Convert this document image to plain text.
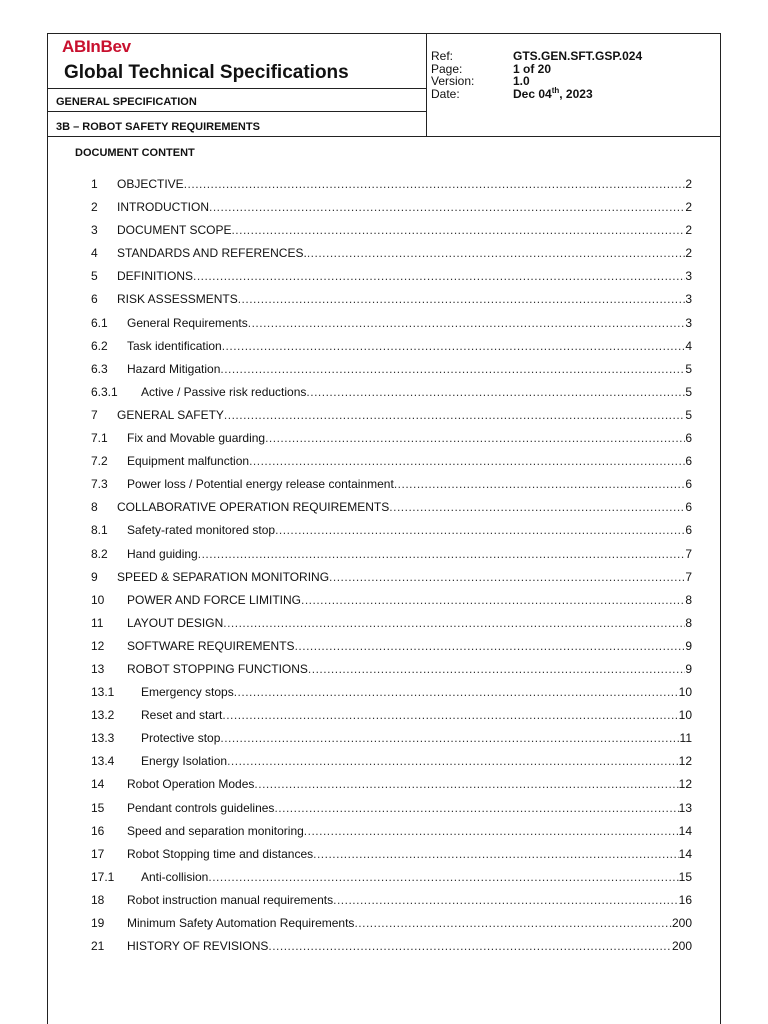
ABInBev
Global Technical Specifications
GENERAL SPECIFICATION
3B – ROBOT SAFETY REQUIREMENTS
Ref:	GTS.GEN.SFT.GSP.024
Page:	1 of 20
Version:	1.0
Date:	Dec 04th, 2023
DOCUMENT CONTENT
1	OBJECTIVE .....	2
2	INTRODUCTION .....	2
3	DOCUMENT SCOPE .....	2
4	STANDARDS AND REFERENCES. .....	2
5	DEFINITIONS .....	3
6	RISK ASSESSMENTS .....	3
6.1	General Requirements .....	3
6.2	Task identification .....	4
6.3	Hazard Mitigation .....	5
6.3.1	Active / Passive risk reductions .....	5
7	GENERAL SAFETY .....	5
7.1	Fix and Movable guarding .....	6
7.2	Equipment malfunction .....	6
7.3	Power loss / Potential energy release containment .....	6
8	COLLABORATIVE OPERATION REQUIREMENTS .....	6
8.1	Safety-rated monitored stop .....	6
8.2	Hand guiding .....	7
9	SPEED & SEPARATION MONITORING .....	7
10	POWER AND FORCE LIMITING .....	8
11	LAYOUT DESIGN .....	8
12	SOFTWARE REQUIREMENTS .....	9
13	ROBOT STOPPING FUNCTIONS .....	9
13.1	Emergency stops .....	10
13.2	Reset and start .....	10
13.3	Protective stop .....	11
13.4	Energy Isolation .....	12
14	Robot Operation Modes .....	12
15	Pendant controls guidelines .....	13
16	Speed and separation monitoring .....	14
17	Robot Stopping time and distances .....	14
17.1	Anti-collision .....	15
18	Robot instruction manual requirements .....	16
19	Minimum Safety Automation Requirements .....	200
21	HISTORY OF REVISIONS .....	200
